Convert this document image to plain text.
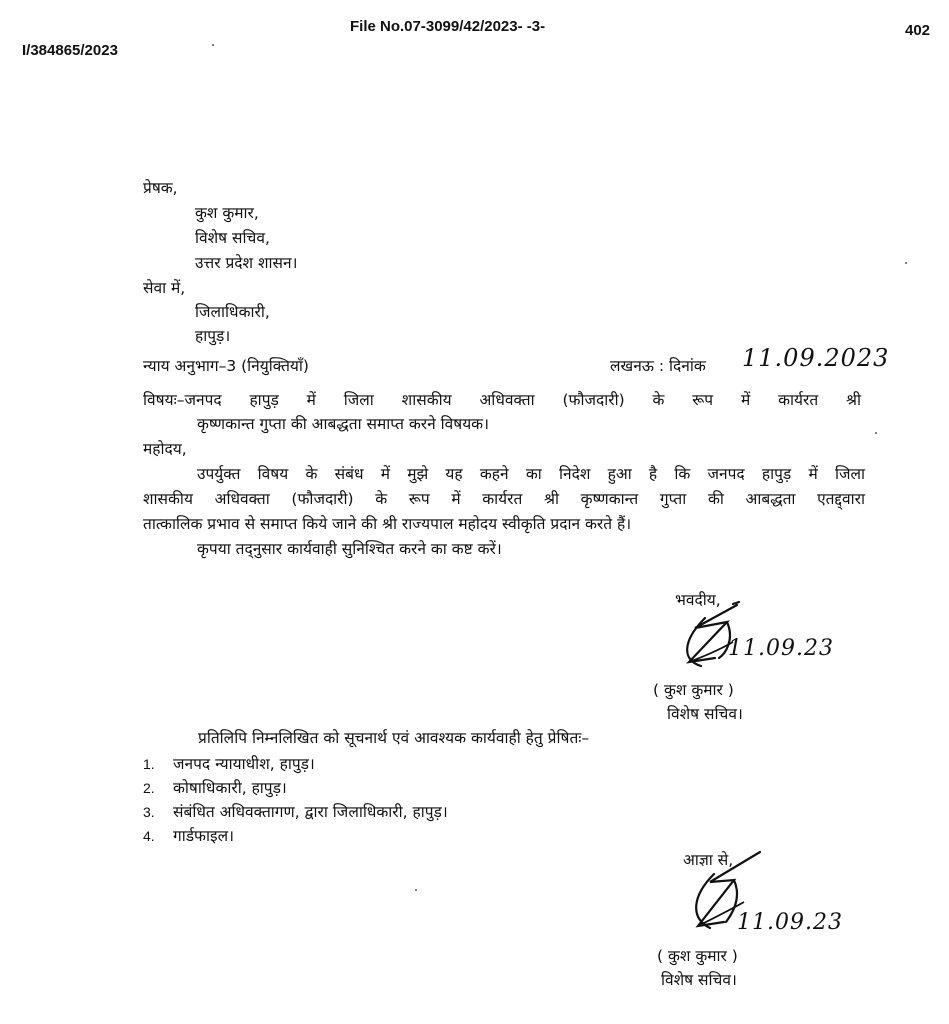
File No.07-3099/42/2023- -3-	402
I/384865/2023
प्रेषक,
कुश कुमार,
विशेष सचिव,
उत्तर प्रदेश शासन।
सेवा में,
जिलाधिकारी,
हापुड़।
न्याय अनुभाग–3 (नियुक्तियाँ)	लखनऊ : दिनांक 11.09.2023
विषयः–जनपद हापुड़ में जिला शासकीय अधिवक्ता (फौजदारी) के रूप में कार्यरत श्री
कृष्णकान्त गुप्ता की आबद्धता समाप्त करने विषयक।
महोदय,
उपर्युक्त विषय के संबंध में मुझे यह कहने का निदेश हुआ है कि जनपद हापुड़ में जिला
शासकीय अधिवक्ता (फौजदारी) के रूप में कार्यरत श्री कृष्णकान्त गुप्ता की आबद्धता एतद्द्वारा
तात्कालिक प्रभाव से समाप्त किये जाने की श्री राज्यपाल महोदय स्वीकृति प्रदान करते हैं।
कृपया तद्नुसार कार्यवाही सुनिश्चित करने का कष्ट करें।
भवदीय,
11.09.23
( कुश कुमार )
विशेष सचिव।
प्रतिलिपि निम्नलिखित को सूचनार्थ एवं आवश्यक कार्यवाही हेतु प्रेषितः–
1. जनपद न्यायाधीश, हापुड़।
2. कोषाधिकारी, हापुड़।
3. संबंधित अधिवक्तागण, द्वारा जिलाधिकारी, हापुड़।
4. गार्डफाइल।
आज्ञा से,
11.09.23
( कुश कुमार )
विशेष सचिव।
